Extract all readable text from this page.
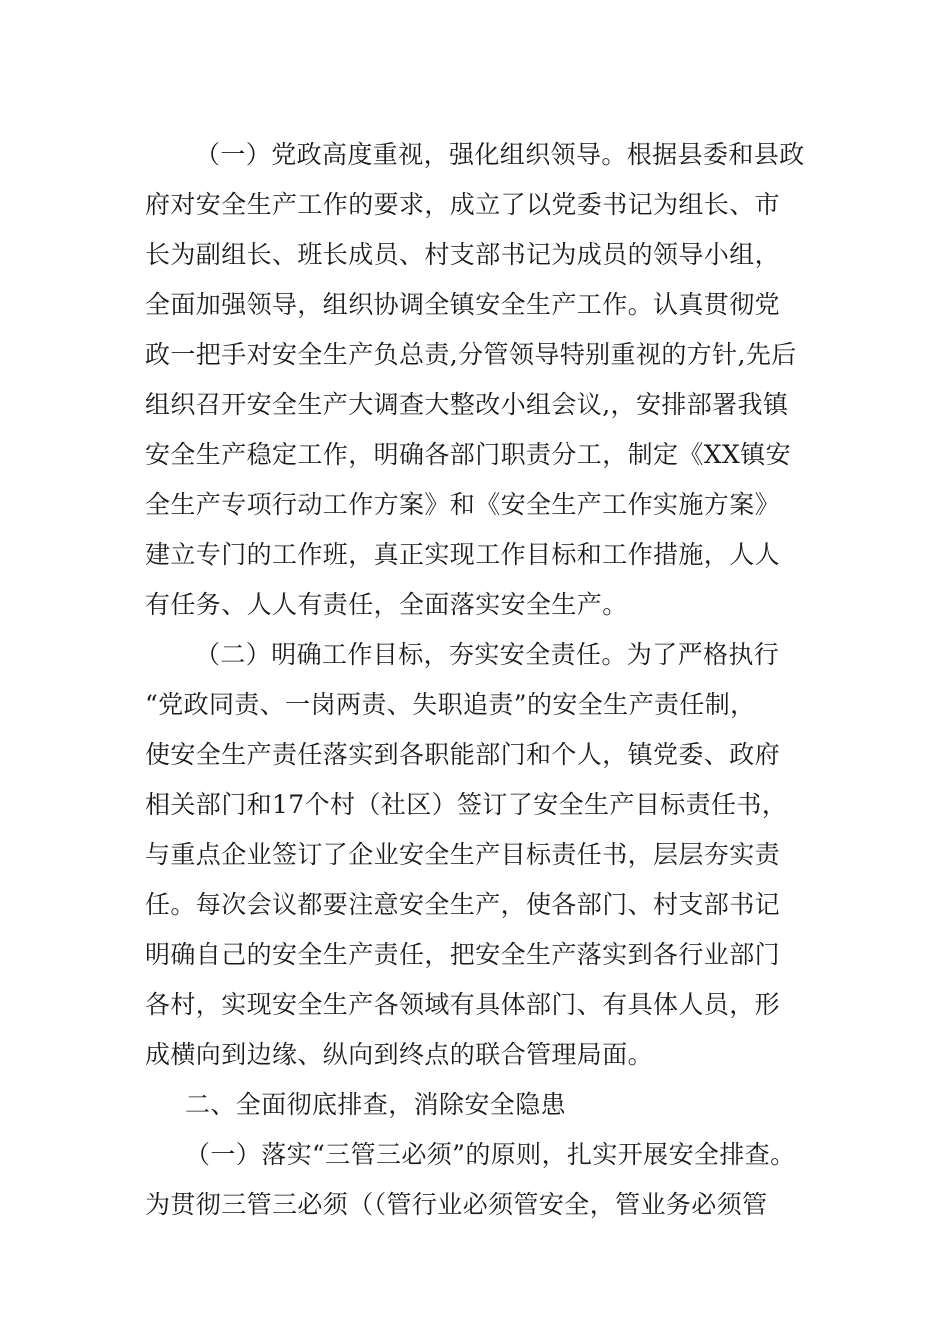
（一）党政高度重视，强化组织领导。根据县委和县政
府对安全生产工作的要求，成立了以党委书记为组长、市
长为副组长、班长成员、村支部书记为成员的领导小组，
全面加强领导，组织协调全镇安全生产工作。认真贯彻党
政一把手对安全生产负总责,分管领导特别重视的方针,先后
组织召开安全生产大调查大整改小组会议,，安排部署我镇
安全生产稳定工作，明确各部门职责分工，制定《XX镇安
全生产专项行动工作方案》和《安全生产工作实施方案》
建立专门的工作班，真正实现工作目标和工作措施，人人
有任务、人人有责任，全面落实安全生产。
（二）明确工作目标，夯实安全责任。为了严格执行
“党政同责、一岗两责、失职追责”的安全生产责任制，
使安全生产责任落实到各职能部门和个人，镇党委、政府
相关部门和17个村（社区）签订了安全生产目标责任书，
与重点企业签订了企业安全生产目标责任书，层层夯实责
任。每次会议都要注意安全生产，使各部门、村支部书记
明确自己的安全生产责任，把安全生产落实到各行业部门
各村，实现安全生产各领域有具体部门、有具体人员，形
成横向到边缘、纵向到终点的联合管理局面。
二、全面彻底排查，消除安全隐患
（一）落实“三管三必须”的原则，扎实开展安全排查。
为贯彻三管三必须（（管行业必须管安全，管业务必须管
